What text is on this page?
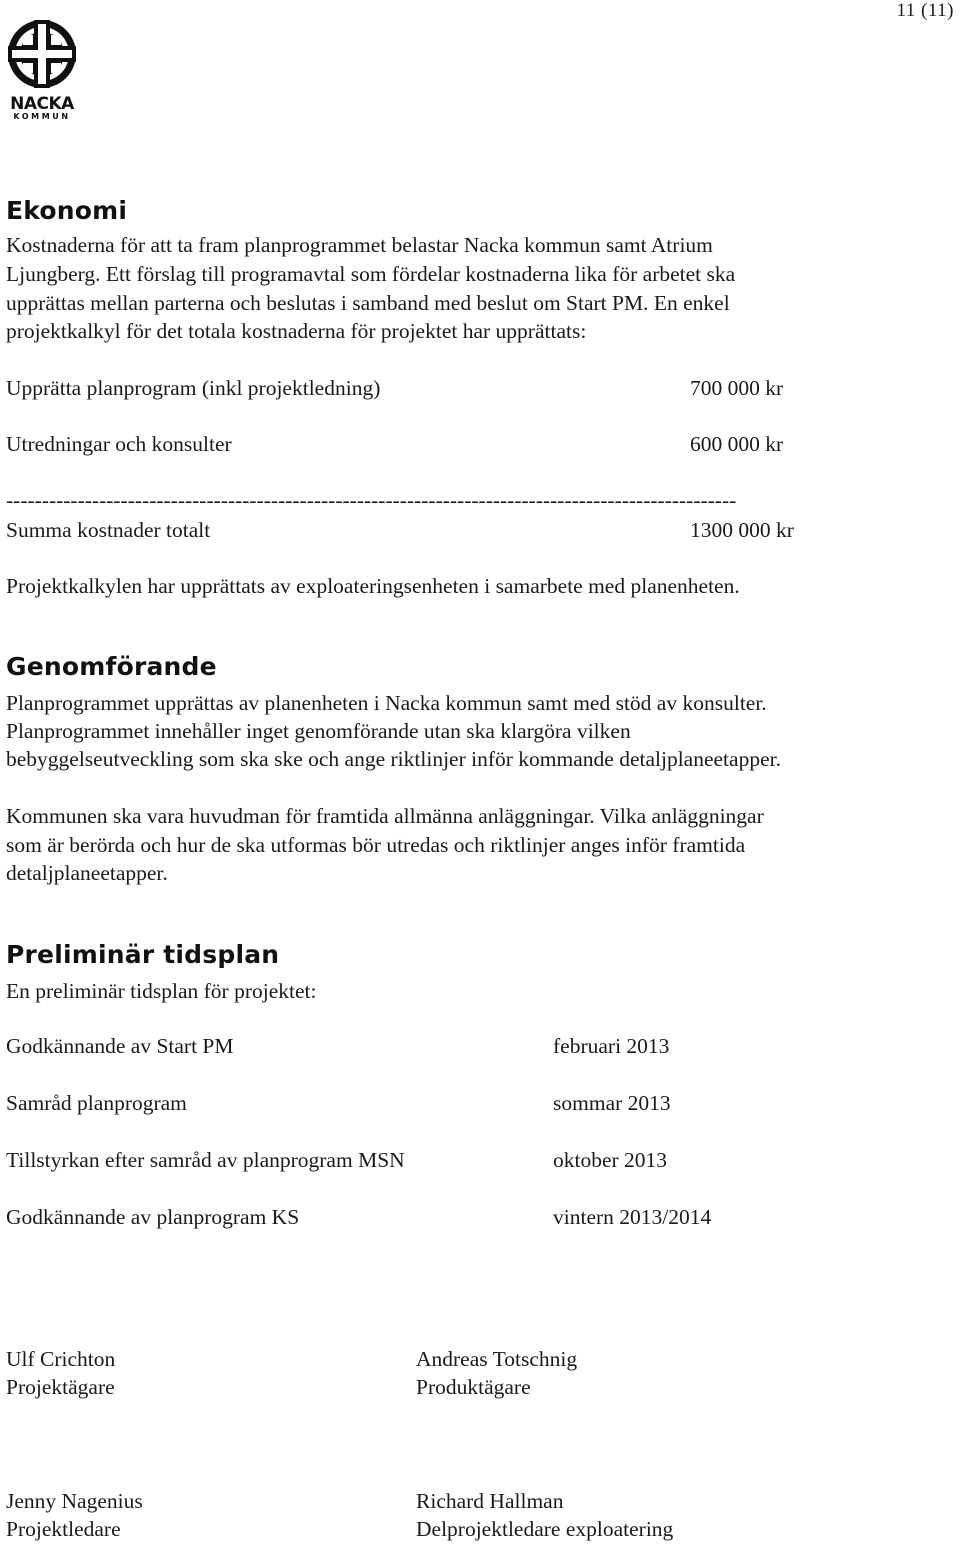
11 (11)
NACKA
KOMMUN
Ekonomi
Kostnaderna för att ta fram planprogrammet belastar Nacka kommun samt Atrium
Ljungberg. Ett förslag till programavtal som fördelar kostnaderna lika för arbetet ska
upprättas mellan parterna och beslutas i samband med beslut om Start PM. En enkel
projektkalkyl för det totala kostnaderna för projektet har upprättats:
Upprätta planprogram (inkl projektledning)	700 000 kr
Utredningar och konsulter	600 000 kr
------------------------------------------------------------------------------------------------------
Summa kostnader totalt	1300 000 kr
Projektkalkylen har upprättats av exploateringsenheten i samarbete med planenheten.
Genomförande
Planprogrammet upprättas av planenheten i Nacka kommun samt med stöd av konsulter.
Planprogrammet innehåller inget genomförande utan ska klargöra vilken
bebyggelseutveckling som ska ske och ange riktlinjer inför kommande detaljplaneetapper.
Kommunen ska vara huvudman för framtida allmänna anläggningar. Vilka anläggningar
som är berörda och hur de ska utformas bör utredas och riktlinjer anges inför framtida
detaljplaneetapper.
Preliminär tidsplan
En preliminär tidsplan för projektet:
Godkännande av Start PM	februari 2013
Samråd planprogram	sommar 2013
Tillstyrkan efter samråd av planprogram MSN	oktober 2013
Godkännande av planprogram KS	vintern 2013/2014
Ulf Crichton
Projektägare
Andreas Totschnig
Produktägare
Jenny Nagenius
Projektledare
Richard Hallman
Delprojektledare exploatering
